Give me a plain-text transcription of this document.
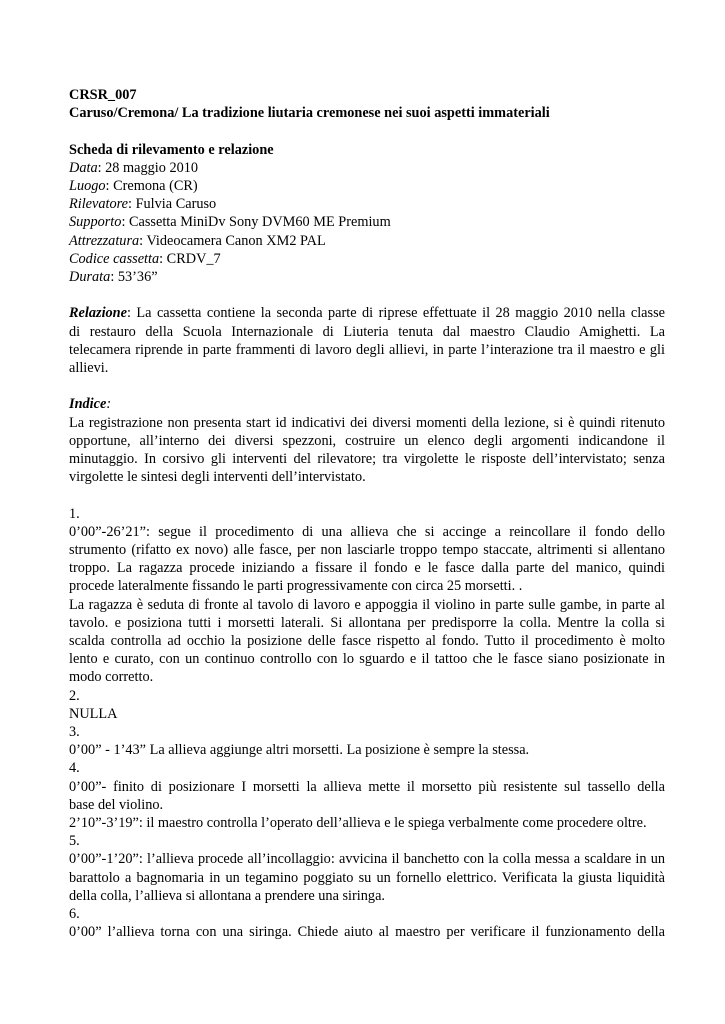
CRSR_007
Caruso/Cremona/ La tradizione liutaria cremonese nei suoi aspetti immateriali
Scheda di rilevamento e relazione
Data: 28 maggio 2010
Luogo: Cremona (CR)
Rilevatore: Fulvia Caruso
Supporto: Cassetta MiniDv Sony DVM60 ME Premium
Attrezzatura: Videocamera Canon XM2 PAL
Codice cassetta: CRDV_7
Durata: 53’36”
Relazione: La cassetta contiene la seconda parte di riprese effettuate il 28 maggio 2010 nella classe
di restauro della Scuola Internazionale di Liuteria tenuta dal maestro Claudio Amighetti. La
telecamera riprende in parte frammenti di lavoro degli allievi, in parte l’interazione tra il maestro e gli
allievi.
Indice:
La registrazione non presenta start id indicativi dei diversi momenti della lezione, si è quindi ritenuto
opportune, all’interno dei diversi spezzoni, costruire un elenco degli argomenti indicandone il
minutaggio. In corsivo gli interventi del rilevatore; tra virgolette le risposte dell’intervistato; senza
virgolette le sintesi degli interventi dell’intervistato.
1.
0’00”-26’21”: segue il procedimento di una allieva che si accinge a reincollare il fondo dello
strumento (rifatto ex novo) alle fasce, per non lasciarle troppo tempo staccate, altrimenti si allentano
troppo. La ragazza procede iniziando a fissare il fondo e le fasce dalla parte del manico, quindi
procede lateralmente fissando le parti progressivamente con circa 25 morsetti. .
La ragazza è seduta di fronte al tavolo di lavoro e appoggia il violino in parte sulle gambe, in parte al
tavolo. e posiziona tutti i morsetti laterali. Si allontana per predisporre la colla. Mentre la colla si
scalda controlla ad occhio la posizione delle fasce rispetto al fondo. Tutto il procedimento è molto
lento e curato, con un continuo controllo con lo sguardo e il tattoo che le fasce siano posizionate in
modo corretto.
2.
NULLA
3.
0’00” - 1’43” La allieva aggiunge altri morsetti. La posizione è sempre la stessa.
4.
0’00”- finito di posizionare I morsetti la allieva mette il morsetto più resistente sul tassello della
base del violino.
2’10”-3’19”: il maestro controlla l’operato dell’allieva e le spiega verbalmente come procedere oltre.
5.
0’00”-1’20”: l’allieva procede all’incollaggio: avvicina il banchetto con la colla messa a scaldare in un
barattolo a bagnomaria in un tegamino poggiato su un fornello elettrico. Verificata la giusta liquidità
della colla, l’allieva si allontana a prendere una siringa.
6.
0’00” l’allieva torna con una siringa. Chiede aiuto al maestro per verificare il funzionamento della
